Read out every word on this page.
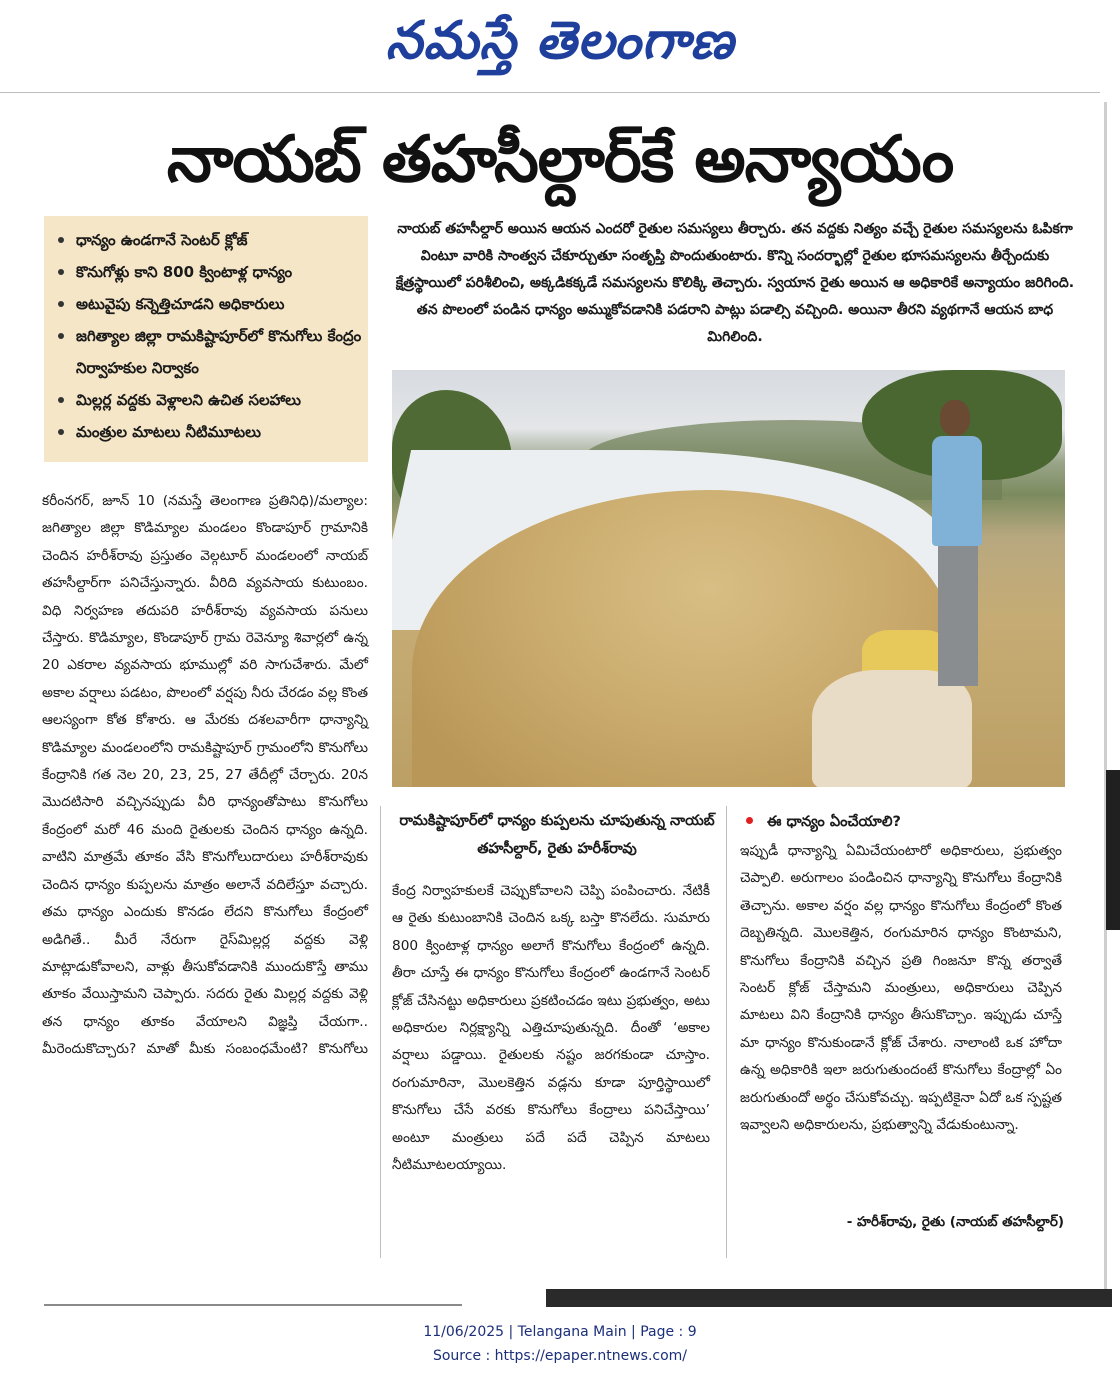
నమస్తే తెలంగాణ
నాయబ్ తహసీల్దార్‌కే అన్యాయం
ధాన్యం ఉండగానే సెంటర్ క్లోజ్
కొనుగోళ్లు కాని 800 క్వింటాళ్ల ధాన్యం
అటువైపు కన్నెత్తిచూడని అధికారులు
జగిత్యాల జిల్లా రామకిష్టాపూర్‌లో కొనుగోలు కేంద్రం నిర్వాహకుల నిర్వాకం
మిల్లర్ల వద్దకు వెళ్లాలని ఉచిత సలహాలు
మంత్రుల మాటలు నీటిమూటలు
నాయబ్ తహసీల్దార్ అయిన ఆయన ఎందరో రైతుల సమస్యలు తీర్చారు. తన వద్దకు నిత్యం వచ్చే రైతుల సమస్యలను ఓపికగా వింటూ వారికి సాంత్వన చేకూర్చుతూ సంతృప్తి పొందుతుంటారు. కొన్ని సందర్భాల్లో రైతుల భూసమస్యలను తీర్చేందుకు క్షేత్రస్థాయిలో పరిశీలించి, అక్కడికక్కడే సమస్యలను కొలిక్కి తెచ్చారు. స్వయాన రైతు అయిన ఆ అధికారికే అన్యాయం జరిగింది. తన పొలంలో పండిన ధాన్యం అమ్ముకోవడానికి పడరాని పాట్లు పడాల్సి వచ్చింది. అయినా తీరని వ్యథగానే ఆయన బాధ మిగిలింది.
రామకిష్టాపూర్‌లో ధాన్యం కుప్పలను చూపుతున్న నాయబ్ తహసీల్దార్, రైతు హరీశ్‌రావు

కరీంనగర్, జూన్ 10 (నమస్తే తెలంగాణ ప్రతినిధి)/మల్యాల: జగిత్యాల జిల్లా కొడిమ్యాల మండలం కొండాపూర్ గ్రామానికి చెందిన హరీశ్‌రావు ప్రస్తుతం వెల్గటూర్ మండలంలో నాయబ్ తహసీల్దార్‌గా పనిచేస్తున్నారు. వీరిది వ్యవసాయ కుటుంబం. విధి నిర్వహణ తదుపరి హరీశ్‌రావు వ్యవసాయ పనులు చేస్తారు. కొడిమ్యాల, కొండాపూర్ గ్రామ రెవెన్యూ శివార్లలో ఉన్న 20 ఎకరాల వ్యవసాయ భూముల్లో వరి సాగుచేశారు. మేలో అకాల వర్షాలు పడటం, పొలంలో వర్షపు నీరు చేరడం వల్ల కొంత ఆలస్యంగా కోత కోశారు. ఆ మేరకు దశలవారీగా ధాన్యాన్ని కొడిమ్యాల మండలంలోని రామకిష్టాపూర్ గ్రామంలోని కొనుగోలు కేంద్రానికి గత నెల 20, 23, 25, 27 తేదీల్లో చేర్చారు. 20న మొదటిసారి వచ్చినప్పుడు వీరి ధాన్యంతోపాటు కొనుగోలు కేంద్రంలో మరో 46 మంది రైతులకు చెందిన ధాన్యం ఉన్నది. వాటిని మాత్రమే తూకం వేసి కొనుగోలుదారులు హరీశ్‌రావుకు చెందిన ధాన్యం కుప్పలను మాత్రం అలానే వదిలేస్తూ వచ్చారు. తమ ధాన్యం ఎందుకు కొనడం లేదని కొనుగోలు కేంద్రంలో అడిగితే.. మీరే నేరుగా రైస్‌మిల్లర్ల వద్దకు వెళ్లి మాట్లాడుకోవాలని, వాళ్లు తీసుకోవడానికి ముందుకొస్తే తాము తూకం వేయిస్తామని చెప్పారు. సదరు రైతు మిల్లర్ల వద్దకు వెళ్లి తన ధాన్యం తూకం వేయాలని విజ్ఞప్తి చేయగా.. మీరెందుకొచ్చారు? మాతో మీకు సంబంధమేంటి? కొనుగోలు

కేంద్ర నిర్వాహకులకే చెప్పుకోవాలని చెప్పి పంపించారు. నేటికీ ఆ రైతు కుటుంబానికి చెందిన ఒక్క బస్తా కొనలేదు. సుమారు 800 క్వింటాళ్ల ధాన్యం అలాగే కొనుగోలు కేంద్రంలో ఉన్నది. తీరా చూస్తే ఈ ధాన్యం కొనుగోలు కేంద్రంలో ఉండగానే సెంటర్ క్లోజ్ చేసినట్టు అధికారులు ప్రకటించడం ఇటు ప్రభుత్వం, అటు అధికారుల నిర్లక్ష్యాన్ని ఎత్తిచూపుతున్నది. దీంతో ‘అకాల వర్షాలు పడ్డాయి. రైతులకు నష్టం జరగకుండా చూస్తాం. రంగుమారినా, మొలకెత్తిన వడ్లను కూడా పూర్తిస్థాయిలో కొనుగోలు చేసే వరకు కొనుగోలు కేంద్రాలు పనిచేస్తాయి’ అంటూ మంత్రులు పదే పదే చెప్పిన మాటలు నీటిమూటలయ్యాయి.

ఈ ధాన్యం ఏంచేయాలి?

ఇప్పుడీ ధాన్యాన్ని ఏమిచేయంటారో అధికారులు, ప్రభుత్వం చెప్పాలి. అరుగాలం పండించిన ధాన్యాన్ని కొనుగోలు కేంద్రానికి తెచ్చాను. అకాల వర్షం వల్ల ధాన్యం కొనుగోలు కేంద్రంలో కొంత దెబ్బతిన్నది. మొలకెత్తిన, రంగుమారిన ధాన్యం కొంటామని, కొనుగోలు కేంద్రానికి వచ్చిన ప్రతి గింజనూ కొన్న తర్వాతే సెంటర్ క్లోజ్ చేస్తామని మంత్రులు, అధికారులు చెప్పిన మాటలు విని కేంద్రానికి ధాన్యం తీసుకొచ్చాం. ఇప్పుడు చూస్తే మా ధాన్యం కొనుకుండానే క్లోజ్ చేశారు. నాలాంటి ఒక హోదా ఉన్న అధికారికి ఇలా జరుగుతుందంటే కొనుగోలు కేంద్రాల్లో ఏం జరుగుతుందో అర్థం చేసుకోవచ్చు. ఇప్పటికైనా ఏదో ఒక స్పష్టత ఇవ్వాలని అధికారులను, ప్రభుత్వాన్ని వేడుకుంటున్నా.

- హరీశ్‌రావు, రైతు (నాయబ్ తహసీల్దార్)
11/06/2025 | Telangana Main | Page : 9
Source : https://epaper.ntnews.com/
